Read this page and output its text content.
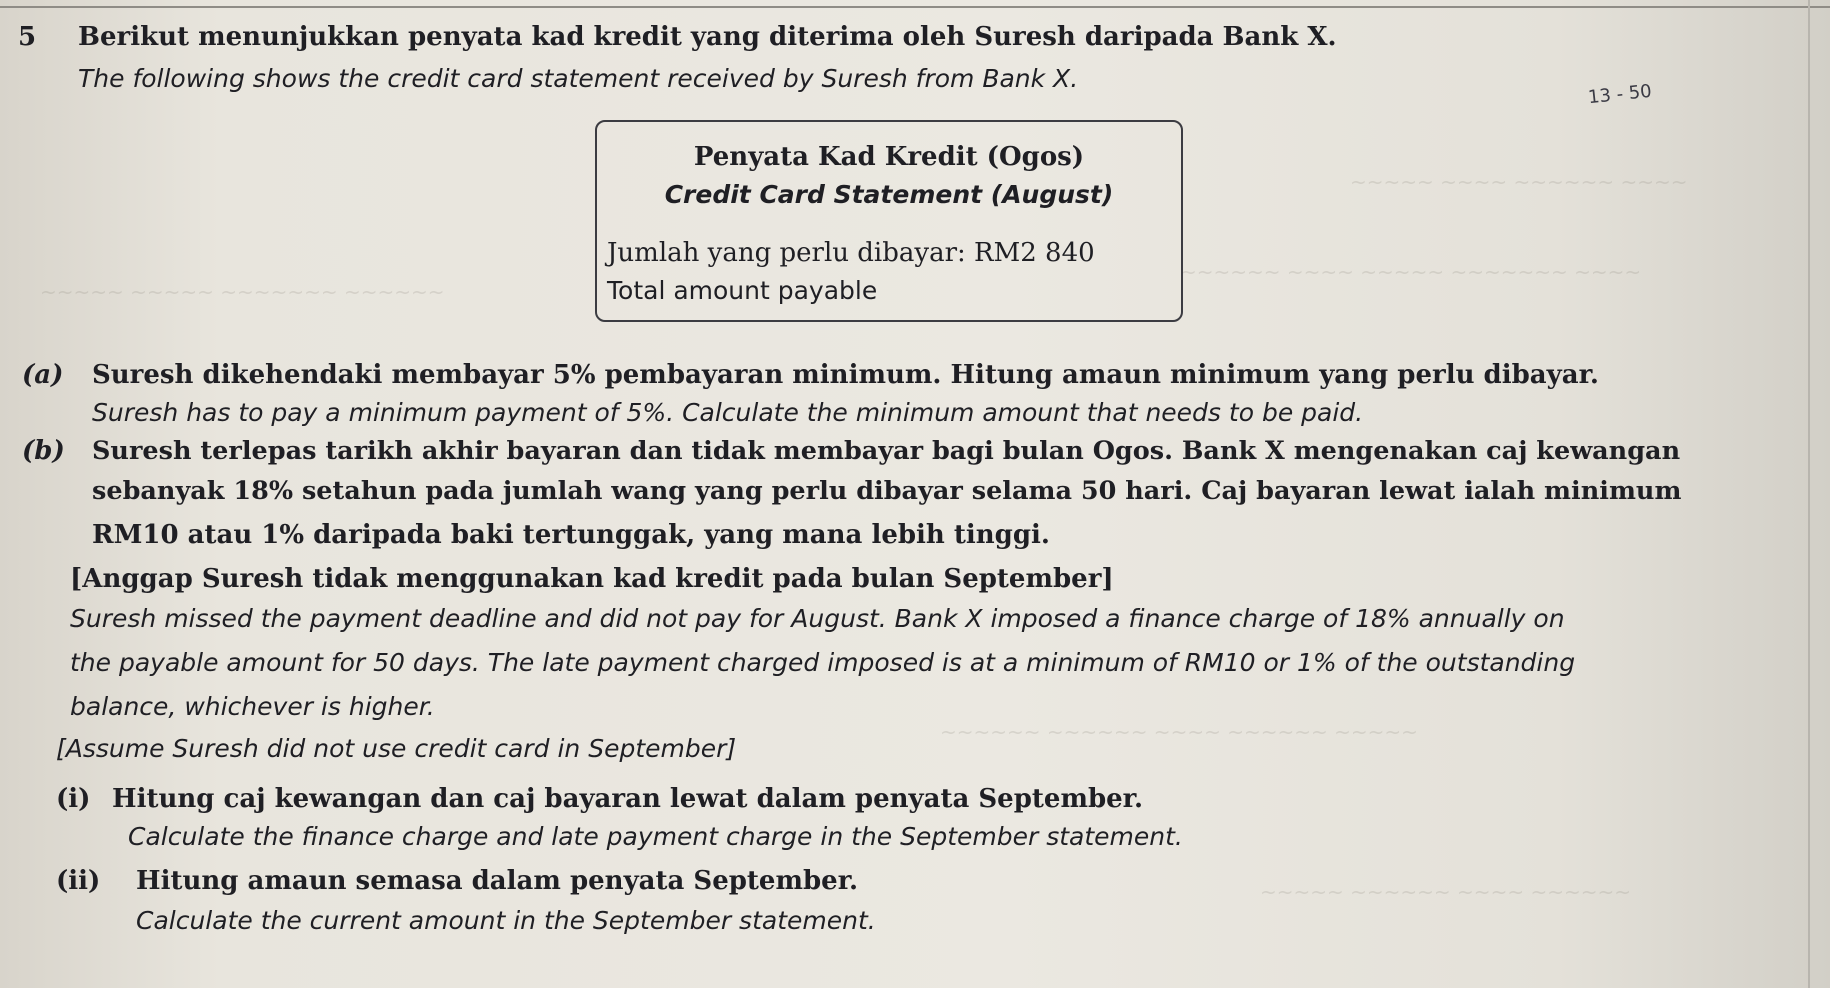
~~~~~ ~~~~ ~~~~~~ ~~~~
~~~~~ ~~~~~ ~~~~~~~ ~~~~~~
~~~~~~ ~~~~ ~~~~~ ~~~~~~~ ~~~~
~~~~~~ ~~~~~~ ~~~~ ~~~~~~ ~~~~~
~~~~~ ~~~~~~ ~~~~ ~~~~~~
5 Berikut menunjukkan penyata kad kredit yang diterima oleh Suresh daripada Bank X.
The following shows the credit card statement received by Suresh from Bank X.
13 - 50
Penyata Kad Kredit (Ogos)
Credit Card Statement (August)
Jumlah yang perlu dibayar: RM2 840
Total amount payable
(a) Suresh dikehendaki membayar 5% pembayaran minimum. Hitung amaun minimum yang perlu dibayar.
Suresh has to pay a minimum payment of 5%. Calculate the minimum amount that needs to be paid.
(b) Suresh terlepas tarikh akhir bayaran dan tidak membayar bagi bulan Ogos. Bank X mengenakan caj kewangan
sebanyak 18% setahun pada jumlah wang yang perlu dibayar selama 50 hari. Caj bayaran lewat ialah minimum
RM10 atau 1% daripada baki tertunggak, yang mana lebih tinggi.
[Anggap Suresh tidak menggunakan kad kredit pada bulan September]
Suresh missed the payment deadline and did not pay for August. Bank X imposed a finance charge of 18% annually on
the payable amount for 50 days. The late payment charged imposed is at a minimum of RM10 or 1% of the outstanding
balance, whichever is higher.
[Assume Suresh did not use credit card in September]
(i) Hitung caj kewangan dan caj bayaran lewat dalam penyata September.
Calculate the finance charge and late payment charge in the September statement.
(ii) Hitung amaun semasa dalam penyata September.
Calculate the current amount in the September statement.
